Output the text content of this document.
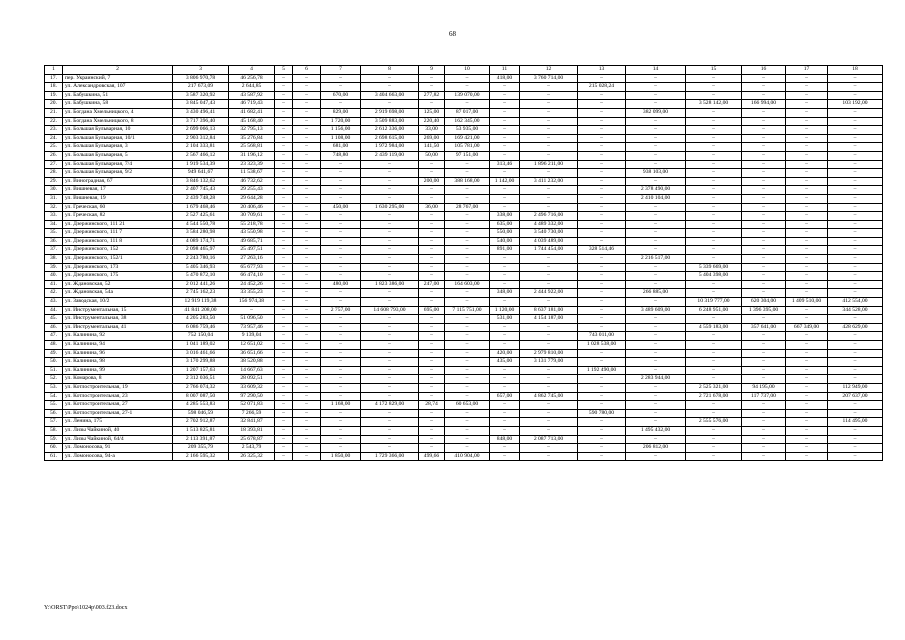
68
1	2	3	4	5	6	7	8	9	10	11	12	13	14	15	16	17	18
17.	пер. Украинский, 7	3 806 970,78	46 256,78	–	–	–	–	–	–	418,00	3 760 714,00	–	–	–	–	–	–
18.	ул. Александровская, 107	217 673,09	2 644,85	–	–	–	–	–	–	–	–	215 028,24	–	–	–	–	–
19.	ул. Бабушкина, 51	3 587 320,92	43 587,92	–	–	670,00	3 404 663,00	277,82	139 070,00	–	–	–	–	–	–	–	–
20.	ул. Бабушкина, 58	3 845 047,43	46 719,43	–	–	–	–	–	–	–	–	–	–	3 528 142,00	166 994,00	–	103 192,00
21.	ул. Богдана Хмельницкого, 4	3 430 496,41	41 682,41	–	–	829,00	2 919 698,00	125,00	87 017,00	–	–	–	382 099,00	–	–	–	–
22.	ул. Богдана Хмельницкого, 8	3 717 396,40	45 168,40	–	–	1 720,00	3 509 883,00	220,40	162 345,00	–	–	–	–	–	–	–	–
23.	ул. Большая Бульварная, 10	2 699 066,13	32 795,13	–	–	1 156,00	2 612 336,00	33,00	53 935,00	–	–	–	–	–	–	–	–
24.	ул. Большая Бульварная, 10/1	2 903 312,84	35 276,84	–	–	1 108,00	2 698 615,00	269,00	169 421,00	–	–	–	–	–	–	–	–
25.	ул. Большая Бульварная, 3	2 104 333,81	25 568,81	–	–	681,00	1 972 984,00	141,50	105 781,00	–	–	–	–	–	–	–	–
26.	ул. Большая Бульварная, 5	2 567 466,12	31 196,12	–	–	748,80	2 439 119,00	50,00	97 151,00	–	–	–	–	–	–	–	–
27.	ул. Большая Бульварная, 7/4	1 919 534,39	23 323,39	–	–	–	–	–	–	313,46	1 896 211,00	–	–	–	–	–	–
28.	ул. Большая Бульварная, 9/2	949 641,67	11 538,67	–	–	–	–	–	–	–	–	–	938 103,00	–	–	–	–
29.	ул. Виноградная, 67	3 846 132,62	46 732,62	–	–	–	–	200,00	388 168,00	1 142,00	3 411 232,00	–	–	–	–	–	–
30.	ул. Вишневая, 17	2 407 745,43	29 255,43	–	–	–	–	–	–	–	–	–	2 378 490,00	–	–	–	–
31.	ул. Вишневая, 19	2 439 748,28	29 644,28	–	–	–	–	–	–	–	–	–	2 410 104,00	–	–	–	–
32.	ул. Греческая, 60	1 679 468,46	20 406,46	–	–	450,00	1 630 295,00	36,00	28 767,00	–	–	–	–	–	–	–	–
33.	ул. Греческая, 82	2 527 425,61	30 709,61	–	–	–	–	–	–	338,00	2 496 716,00	–	–	–	–	–	–
34.	ул. Дзержинского, 111 21	4 544 550,78	55 218,78	–	–	–	–	–	–	635,00	4 489 332,00	–	–	–	–	–	–
35.	ул. Дзержинского, 111 7	3 584 280,98	43 550,98	–	–	–	–	–	–	550,00	3 540 730,00	–	–	–	–	–	–
36.	ул. Дзержинского, 111 8	4 089 174,71	49 685,71	–	–	–	–	–	–	540,00	4 039 489,00	–	–	–	–	–	–
37.	ул. Дзержинского, 152	2 098 465,97	25 497,51	–	–	–	–	–	–	891,00	1 744 454,00	328 514,46	–	–	–	–	–
38.	ул. Дзержинского, 152/1	2 243 780,16	27 263,16	–	–	–	–	–	–	–	–	–	2 216 517,00	–	–	–	–
39.	ул. Дзержинского, 173	5 405 346,93	65 677,93	–	–	–	–	–	–	–	–	–	–	5 339 669,00	–	–	–
40.	ул. Дзержинского, 175	5 470 872,10	66 474,10	–	–	–	–	–	–	–	–	–	–	5 404 398,00	–	–	–
41.	ул. Ждановская, 52	2 012 441,26	24 452,26	–	–	480,00	1 823 386,00	247,00	164 603,00	–	–	–	–	–	–	–	–
42.	ул. Ждановская, 54а	2 745 162,23	33 355,23	–	–	–	–	–	–	348,00	2 444 922,00	–	266 885,00	–	–	–	–
43.	ул. Заводская, 10/2	12 919 119,38	156 974,38	–	–	–	–	–	–	–	–	–	–	10 319 777,00	620 304,00	1 409 510,00	412 554,00
44.	ул. Инструментальная, 15	41 841 208,00	–	–	–	2 757,00	14 608 793,00	695,00	7 115 751,00	1 120,00	8 637 181,00	–	3 489 609,00	6 248 951,00	1 396 395,00	–	344 528,00
45.	ул. Инструментальная, 38	4 205 283,50	51 096,50	–	–	–	–	–	–	531,00	4 154 187,00	–	–	–	–	–	–
46.	ул. Инструментальная, 41	6 086 759,46	73 957,46	–	–	–	–	–	–	–	–	–	–	4 559 183,00	357 641,00	667 349,00	428 629,00
47.	ул. Калинина, 92	752 150,04	9 139,04	–	–	–	–	–	–	–	–	743 011,00	–	–	–	–	–
48.	ул. Калинина, 94	1 041 189,02	12 651,02	–	–	–	–	–	–	–	–	1 028 538,00	–	–	–	–	–
49.	ул. Калинина, 96	3 016 461,66	36 651,66	–	–	–	–	–	–	420,00	2 979 810,00	–	–	–	–	–	–
50.	ул. Калинина, 98	3 170 299,88	38 520,88	–	–	–	–	–	–	435,00	3 131 779,00	–	–	–	–	–	–
51.	ул. Калинина, 99	1 207 157,63	14 667,63	–	–	–	–	–	–	–	–	1 192 490,00	–	–	–	–	–
52.	ул. Комарова, 8	2 312 036,51	28 092,51	–	–	–	–	–	–	–	–	–	2 283 944,00	–	–	–	–
53.	ул. Котлостроительная, 19	2 766 074,32	33 609,32	–	–	–	–	–	–	–	–	–	–	2 525 321,00	94 195,00	–	112 949,00
54.	ул. Котлостроительная, 23	8 007 087,50	97 290,50	–	–	–	–	–	–	657,00	4 862 745,00	–	–	2 721 678,00	117 737,00	–	207 637,00
55.	ул. Котлостроительная, 27	4 285 553,83	52 071,83	–	–	1 168,00	4 172 829,00	28,74	60 653,00	–	–	–	–	–	–	–	–
56.	ул. Котлостроительная, 27-1	598 046,59	7 266,59	–	–	–	–	–	–	–	–	590 780,00	–	–	–	–	–
57.	ул. Ленина, 175	2 702 912,87	32 841,87	–	–	–	–	–	–	–	–	–	–	2 555 576,00	–	–	114 495,00
58.	ул. Лизы Чайкиной, 40	1 513 825,81	18 393,81	–	–	–	–	–	–	–	–	–	1 495 432,00	–	–	–	–
59.	ул. Лизы Чайкиной, 64/4	2 113 391,87	25 678,87	–	–	–	–	–	–	848,00	2 087 713,00	–	–	–	–	–	–
60.	ул. Ломоносова, 91	209 355,79	2 543,79	–	–	–	–	–	–	–	–	–	206 812,00	–	–	–	–
61.	ул. Ломоносова, 94-а	2 166 595,32	26 325,32	–	–	1 850,00	1 729 366,00	499,66	410 904,00	–	–	–	–	–	–	–	–
Y:\ORST\Ppo\1024p\003.f23.docx
